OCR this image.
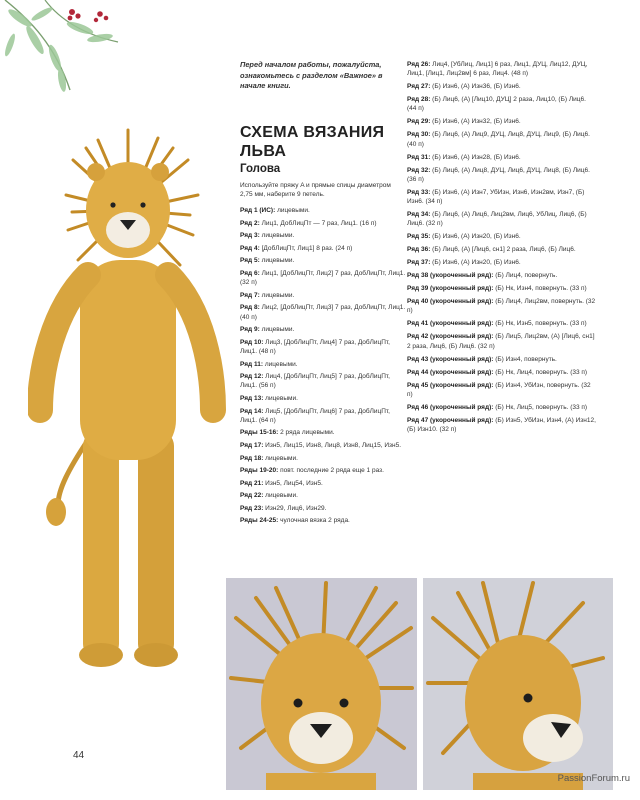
Перед началом работы, пожалуйста, ознакомьтесь с разделом «Важное» в начале книги.
СХЕМА ВЯЗАНИЯ ЛЬВА
Голова
Используйте пряжу A и прямые спицы диаметром 2,75 мм, наберите 9 петель.
Ряд 1 (ИС): лицевыми.
Ряд 2: Лиц1, ДобЛицПт — 7 раз, Лиц1. (16 п)
Ряд 3: лицевыми.
Ряд 4: [ДобЛицПт, Лиц1] 8 раз. (24 п)
Ряд 5: лицевыми.
Ряд 6: Лиц1, [ДобЛицПт, Лиц2] 7 раз, ДобЛицПт, Лиц1. (32 п)
Ряд 7: лицевыми.
Ряд 8: Лиц2, [ДобЛицПт, Лиц3] 7 раз, ДобЛицПт, Лиц1. (40 п)
Ряд 9: лицевыми.
Ряд 10: Лиц3, [ДобЛицПт, Лиц4] 7 раз, ДобЛицПт, Лиц1. (48 п)
Ряд 11: лицевыми.
Ряд 12: Лиц4, [ДобЛицПт, Лиц5] 7 раз, ДобЛицПт, Лиц1. (56 п)
Ряд 13: лицевыми.
Ряд 14: Лиц5, [ДобЛицПт, Лиц6] 7 раз, ДобЛицПт, Лиц1. (64 п)
Ряды 15-16: 2 ряда лицевыми.
Ряд 17: Изн5, Лиц15, Изн8, Лиц8, Изн8, Лиц15, Изн5.
Ряд 18: лицевыми.
Ряды 19-20: повт. последние 2 ряда еще 1 раз.
Ряд 21: Изн5, Лиц54, Изн5.
Ряд 22: лицевыми.
Ряд 23: Изн29, Лиц6, Изн29.
Ряды 24-25: чулочная вязка 2 ряда.
Ряд 26: Лиц4, [УбЛиц, Лиц1] 6 раз, Лиц1, ДУЦ, Лиц12, ДУЦ, Лиц1, [Лиц1, Лиц2вм] 6 раз, Лиц4. (48 п)
Ряд 27: (Б) Изн6, (А) Изн36, (Б) Изн6.
Ряд 28: (Б) Лиц6, (А) [Лиц10, ДУЦ] 2 раза, Лиц10, (Б) Лиц6. (44 п)
Ряд 29: (Б) Изн6, (А) Изн32, (Б) Изн6.
Ряд 30: (Б) Лиц6, (А) Лиц9, ДУЦ, Лиц8, ДУЦ, Лиц9, (Б) Лиц6. (40 п)
Ряд 31: (Б) Изн6, (А) Изн28, (Б) Изн6.
Ряд 32: (Б) Лиц6, (А) Лиц8, ДУЦ, Лиц6, ДУЦ, Лиц8, (Б) Лиц6. (36 п)
Ряд 33: (Б) Изн6, (А) Изн7, УбИзн, Изн6, Изн2вм, Изн7, (Б) Изн6. (34 п)
Ряд 34: (Б) Лиц6, (А) Лиц6, Лиц2вм, Лиц6, УбЛиц, Лиц6, (Б) Лиц6. (32 п)
Ряд 35: (Б) Изн6, (А) Изн20, (Б) Изн6.
Ряд 36: (Б) Лиц6, (А) [Лиц6, сн1] 2 раза, Лиц6, (Б) Лиц6.
Ряд 37: (Б) Изн6, (А) Изн20, (Б) Изн6.
Ряд 38 (укороченный ряд): (Б) Лиц4, повернуть.
Ряд 39 (укороченный ряд): (Б) Нк, Изн4, повернуть. (33 п)
Ряд 40 (укороченный ряд): (Б) Лиц4, Лиц2вм, повернуть. (32 п)
Ряд 41 (укороченный ряд): (Б) Нк, Изн5, повернуть. (33 п)
Ряд 42 (укороченный ряд): (Б) Лиц5, Лиц2вм, (А) [Лиц6, сн1] 2 раза, Лиц6, (Б) Лиц6. (32 п)
Ряд 43 (укороченный ряд): (Б) Изн4, повернуть.
Ряд 44 (укороченный ряд): (Б) Нк, Лиц4, повернуть. (33 п)
Ряд 45 (укороченный ряд): (Б) Изн4, УбИзн, повернуть. (32 п)
Ряд 46 (укороченный ряд): (Б) Нк, Лиц5, повернуть. (33 п)
Ряд 47 (укороченный ряд): (Б) Изн5, УбИзн, Изн4, (А) Изн12, (Б) Изн10. (32 п)
44
PassionForum.ru
